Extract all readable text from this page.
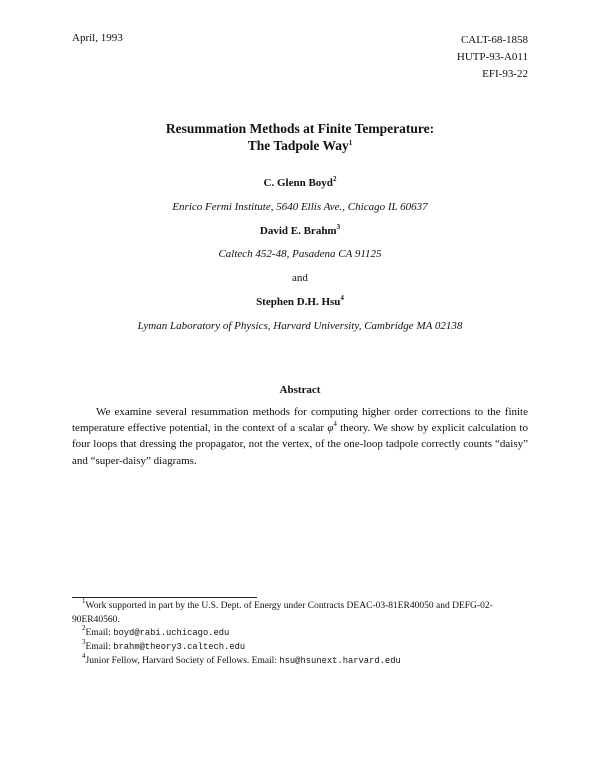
April, 1993	CALT-68-1858
HUTP-93-A011
EFI-93-22
Resummation Methods at Finite Temperature:
The Tadpole Way$^1$
C. Glenn Boyd$^2$
Enrico Fermi Institute, 5640 Ellis Ave., Chicago IL 60637
David E. Brahm$^3$
Caltech 452-48, Pasadena CA 91125
and
Stephen D.H. Hsu$^4$
Lyman Laboratory of Physics, Harvard University, Cambridge MA 02138
Abstract

We examine several resummation methods for computing higher order corrections to the finite temperature effective potential, in the context of a scalar $\varphi^4$ theory. We show by explicit calculation to four loops that dressing the propagator, not the vertex, of the one-loop tadpole correctly counts “daisy” and “super-daisy” diagrams.

$^1$Work supported in part by the U.S. Dept. of Energy under Contracts DEAC-03-81ER40050 and DEFG-02-90ER40560.
$^2$Email: boyd@rabi.uchicago.edu
$^3$Email: brahm@theory3.caltech.edu
$^4$Junior Fellow, Harvard Society of Fellows. Email: hsu@hsunext.harvard.edu
